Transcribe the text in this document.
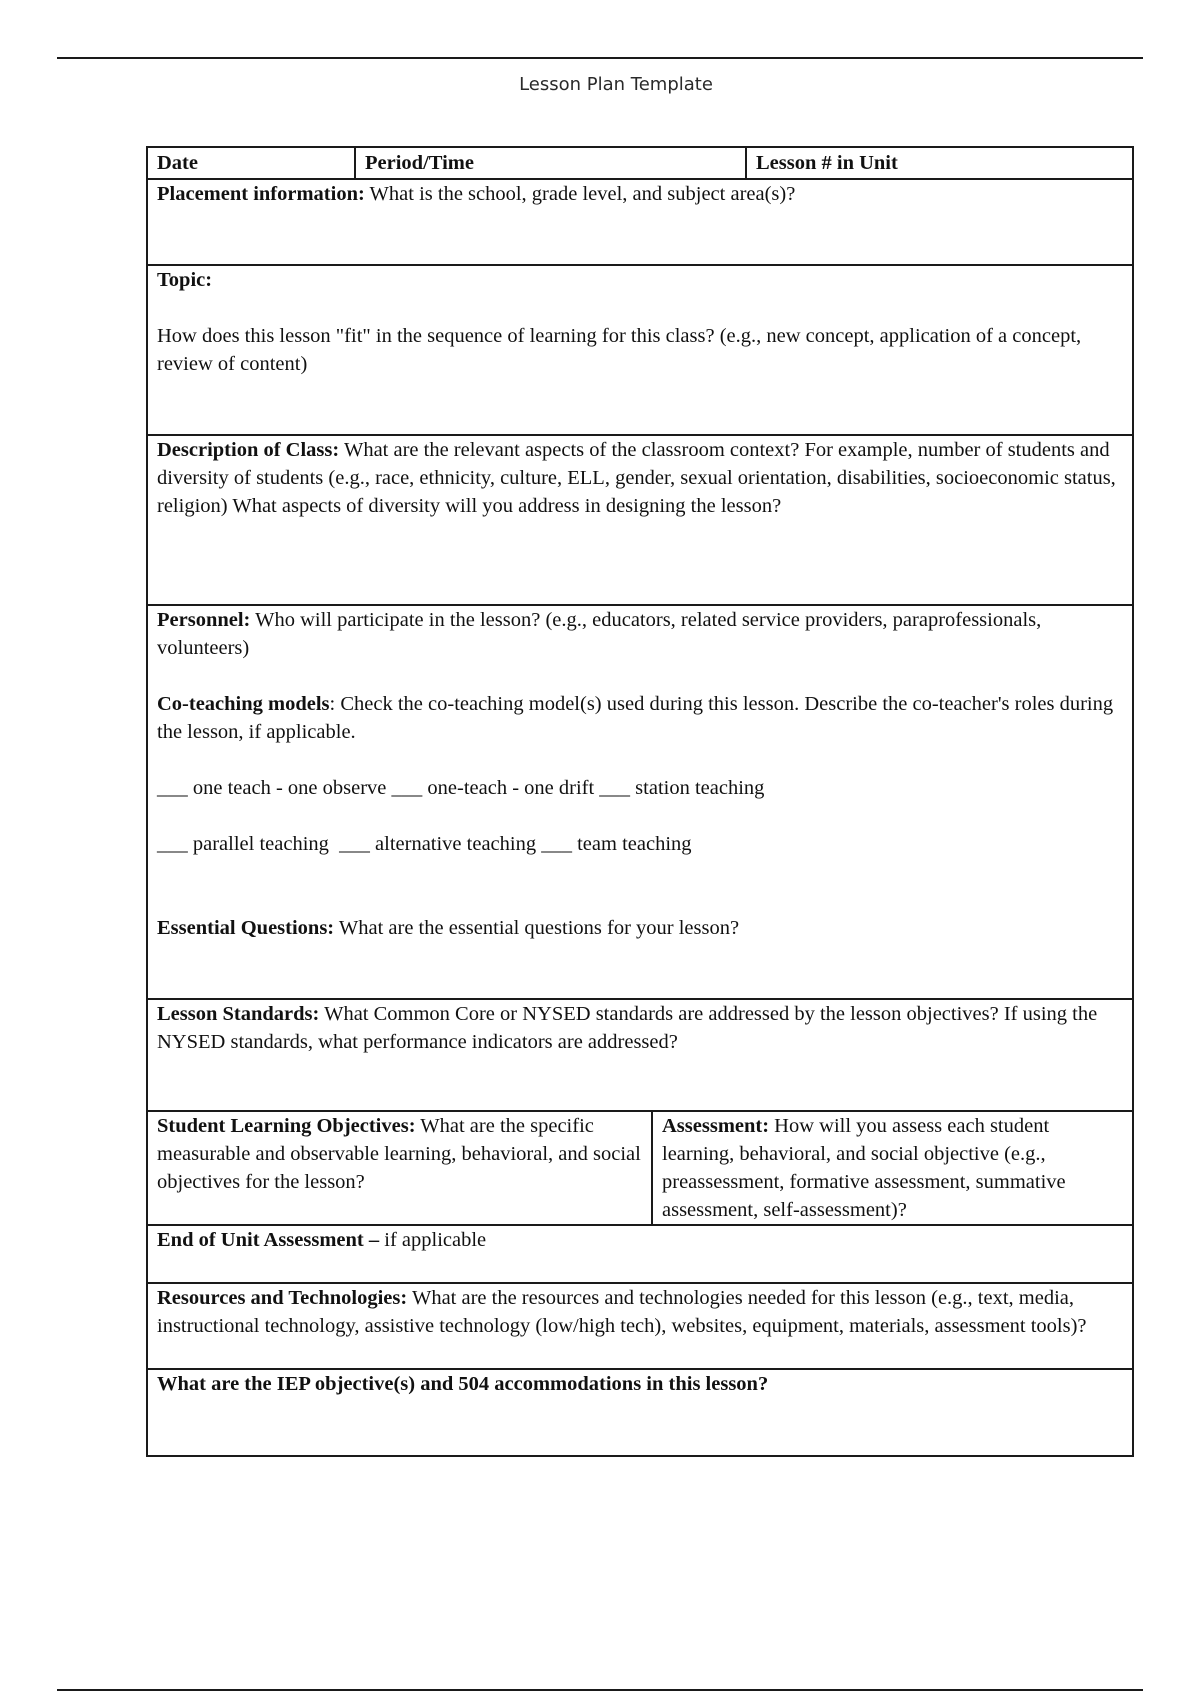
Lesson Plan Template
Date	Period/Time	Lesson # in Unit

Placement information: What is the school, grade level, and subject area(s)?

Topic:

How does this lesson "fit" in the sequence of learning for this class? (e.g., new concept, application of a concept, review of content)

Description of Class: What are the relevant aspects of the classroom context? For example, number of students and diversity of students (e.g., race, ethnicity, culture, ELL, gender, sexual orientation, disabilities, socioeconomic status, religion) What aspects of diversity will you address in designing the lesson?

Personnel: Who will participate in the lesson? (e.g., educators, related service providers, paraprofessionals, volunteers)

Co-teaching models: Check the co-teaching model(s) used during this lesson. Describe the co-teacher's roles during the lesson, if applicable.

___ one teach - one observe ___ one-teach - one drift ___ station teaching

___ parallel teaching ___ alternative teaching ___ team teaching

Essential Questions: What are the essential questions for your lesson?

Lesson Standards: What Common Core or NYSED standards are addressed by the lesson objectives? If using the NYSED standards, what performance indicators are addressed?

Student Learning Objectives: What are the specific measurable and observable learning, behavioral, and social objectives for the lesson?

Assessment: How will you assess each student learning, behavioral, and social objective (e.g., preassessment, formative assessment, summative assessment, self-assessment)?

End of Unit Assessment – if applicable

Resources and Technologies: What are the resources and technologies needed for this lesson (e.g., text, media, instructional technology, assistive technology (low/high tech), websites, equipment, materials, assessment tools)?

What are the IEP objective(s) and 504 accommodations in this lesson?
